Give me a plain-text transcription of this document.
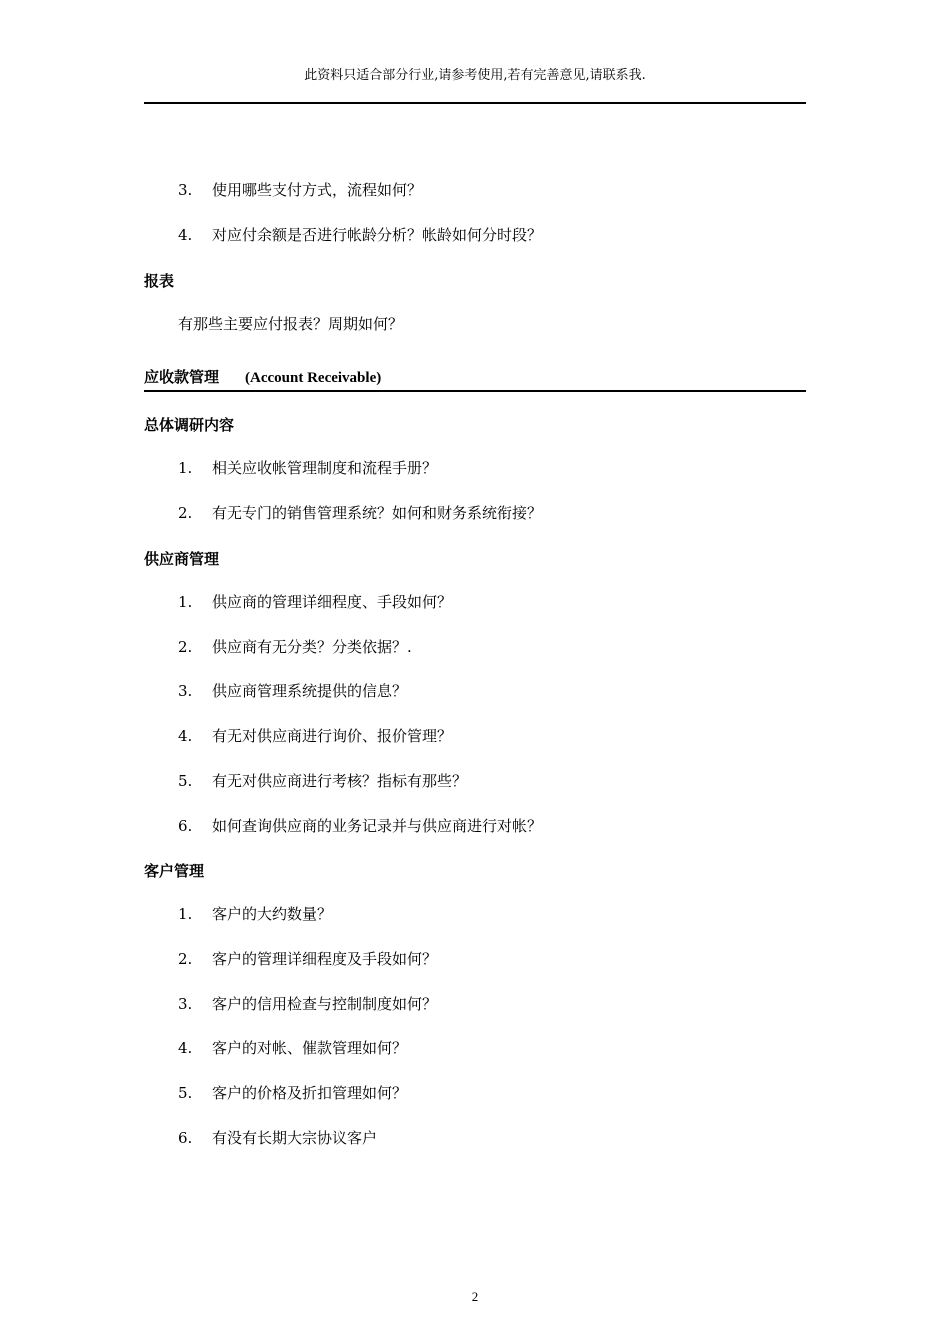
此资料只适合部分行业,请参考使用,若有完善意见,请联系我.
3. 使用哪些支付方式，流程如何？
4. 对应付余额是否进行帐龄分析？帐龄如何分时段？
报表
有那些主要应付报表？周期如何？
应收款管理 (Account Receivable)
总体调研内容
1. 相关应收帐管理制度和流程手册？
2. 有无专门的销售管理系统？如何和财务系统衔接？
供应商管理
1. 供应商的管理详细程度、手段如何？
2. 供应商有无分类？分类依据？.
3. 供应商管理系统提供的信息？
4. 有无对供应商进行询价、报价管理？
5. 有无对供应商进行考核？指标有那些？
6. 如何查询供应商的业务记录并与供应商进行对帐？
客户管理
1. 客户的大约数量？
2. 客户的管理详细程度及手段如何？
3. 客户的信用检查与控制制度如何？
4. 客户的对帐、催款管理如何？
5. 客户的价格及折扣管理如何？
6. 有没有长期大宗协议客户
2
